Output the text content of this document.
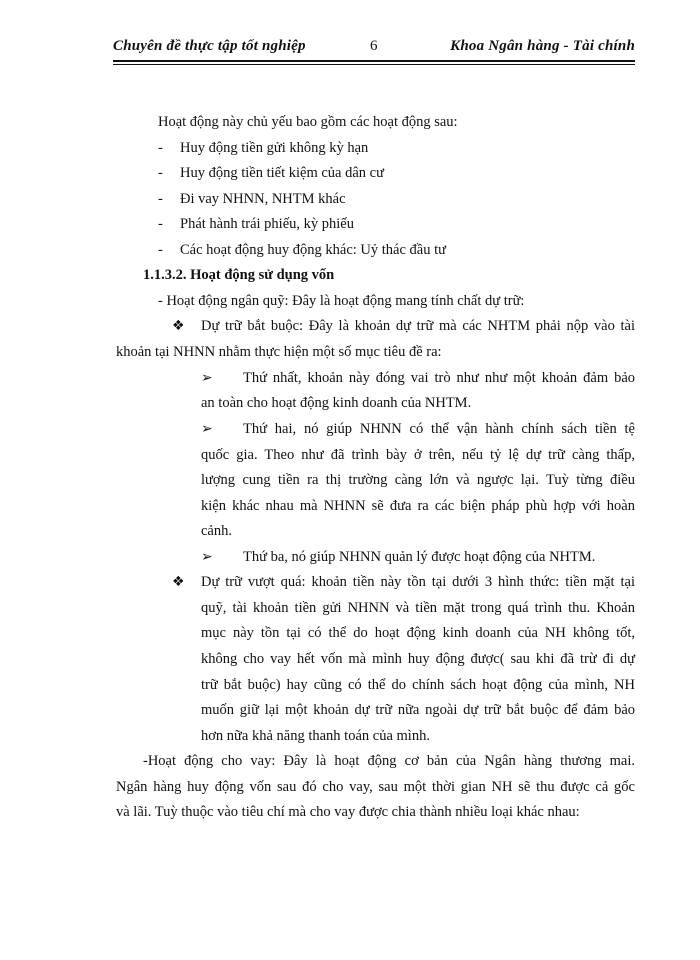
Chuyên đề thực tập tốt nghiệp	6	Khoa Ngân hàng - Tài chính
Hoạt động này chủ yếu bao gồm các hoạt động sau:
- Huy động tiền gửi không kỳ hạn
- Huy động tiền tiết kiệm của dân cư
- Đi vay NHNN, NHTM khác
- Phát hành trái phiếu, kỳ phiếu
- Các hoạt động huy động khác: Uỷ thác đầu tư
1.1.3.2. Hoạt động sử dụng vốn
- Hoạt động ngân quỹ: Đây là hoạt động mang tính chất dự trữ:
❖ Dự trữ bắt buộc: Đây là khoản dự trữ mà các NHTM phải nộp vào tài
khoản tại NHNN nhằm thực hiện một số mục tiêu đề ra:
➢ Thứ nhất, khoản này đóng vai trò như như một khoản đảm bảo
an toàn cho hoạt động kinh doanh của NHTM.
➢ Thứ hai, nó giúp NHNN có thể vận hành chính sách tiền tệ
quốc gia. Theo như đã trình bày ở trên, nếu tỷ lệ dự trữ càng thấp,
lượng cung tiền ra thị trường càng lớn và ngược lại. Tuỳ từng điều
kiện khác nhau mà NHNN sẽ đưa ra các biện pháp phù hợp với hoàn
cảnh.
➢ Thứ ba, nó giúp NHNN quản lý được hoạt động của NHTM.
❖ Dự trữ vượt quá: khoản tiền này tồn tại dưới 3 hình thức: tiền mặt tại
quỹ, tài khoản tiền gửi NHNN và tiền mặt trong quá trình thu. Khoản
mục này tồn tại có thể do hoạt động kinh doanh của NH không tốt,
không cho vay hết vốn mà mình huy động được( sau khi đã trừ đi dự
trữ bắt buộc) hay cũng có thể do chính sách hoạt động của mình, NH
muốn giữ lại một khoản dự trữ nữa ngoài dự trữ bắt buộc để đảm bảo
hơn nữa khả năng thanh toán của mình.
-Hoạt động cho vay: Đây là hoạt động cơ bản của Ngân hàng thương mai.
Ngân hàng huy động vốn sau đó cho vay, sau một thời gian NH sẽ thu được cả gốc
và lãi. Tuỳ thuộc vào tiêu chí mà cho vay được chia thành nhiều loại khác nhau:
